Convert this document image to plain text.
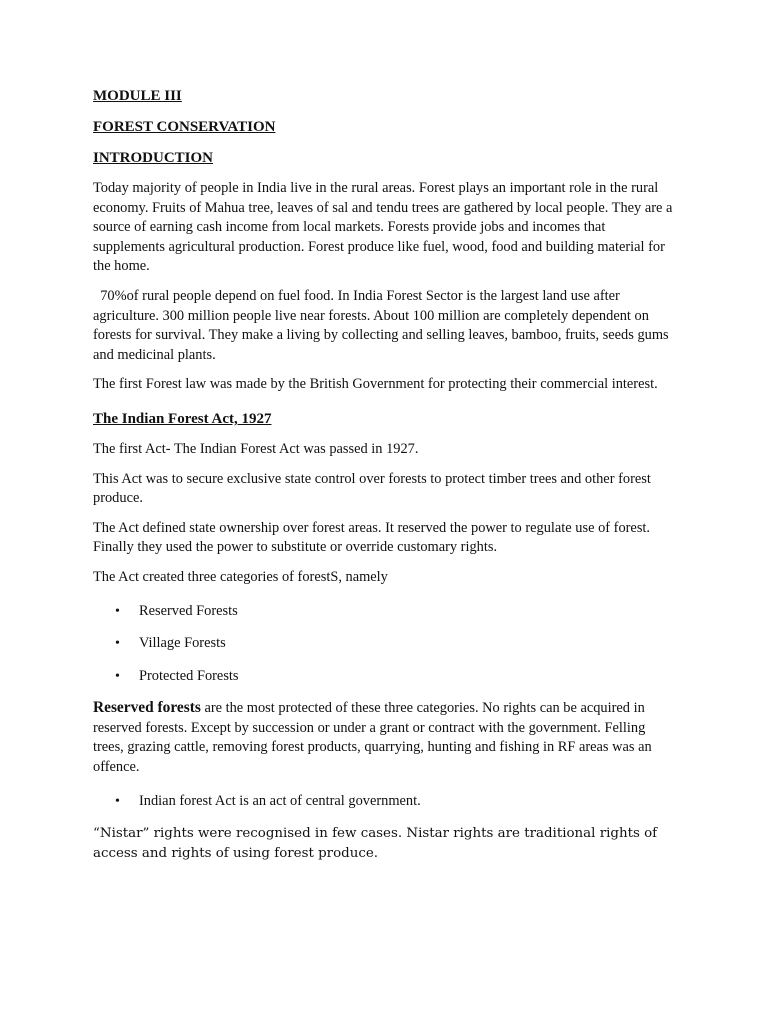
MODULE III
FOREST CONSERVATION
INTRODUCTION

Today majority of people in India live in the rural areas. Forest plays an important role in the rural economy. Fruits of Mahua tree, leaves of sal and tendu trees are gathered by local people. They are a source of earning cash income from local markets. Forests provide jobs and incomes that supplements agricultural production. Forest produce like fuel, wood, food and building material for the home.

70%of rural people depend on fuel food. In India Forest Sector is the largest land use after agriculture. 300 million people live near forests. About 100 million are completely dependent on forests for survival. They make a living by collecting and selling leaves, bamboo, fruits, seeds gums and medicinal plants.

The first Forest law was made by the British Government for protecting their commercial interest.

The Indian Forest Act, 1927

The first Act- The Indian Forest Act was passed in 1927.

This Act was to secure exclusive state control over forests to protect timber trees and other forest produce.

The Act defined state ownership over forest areas. It reserved the power to regulate use of forest. Finally they used the power to substitute or override customary rights.

The Act created three categories of forestS, namely

• Reserved Forests
• Village Forests
• Protected Forests

Reserved forests are the most protected of these three categories. No rights can be acquired in reserved forests. Except by succession or under a grant or contract with the government. Felling trees, grazing cattle, removing forest products, quarrying, hunting and fishing in RF areas was an offence.

• Indian forest Act is an act of central government.

“Nistar” rights were recognised in few cases. Nistar rights are traditional rights of access and rights of using forest produce.
